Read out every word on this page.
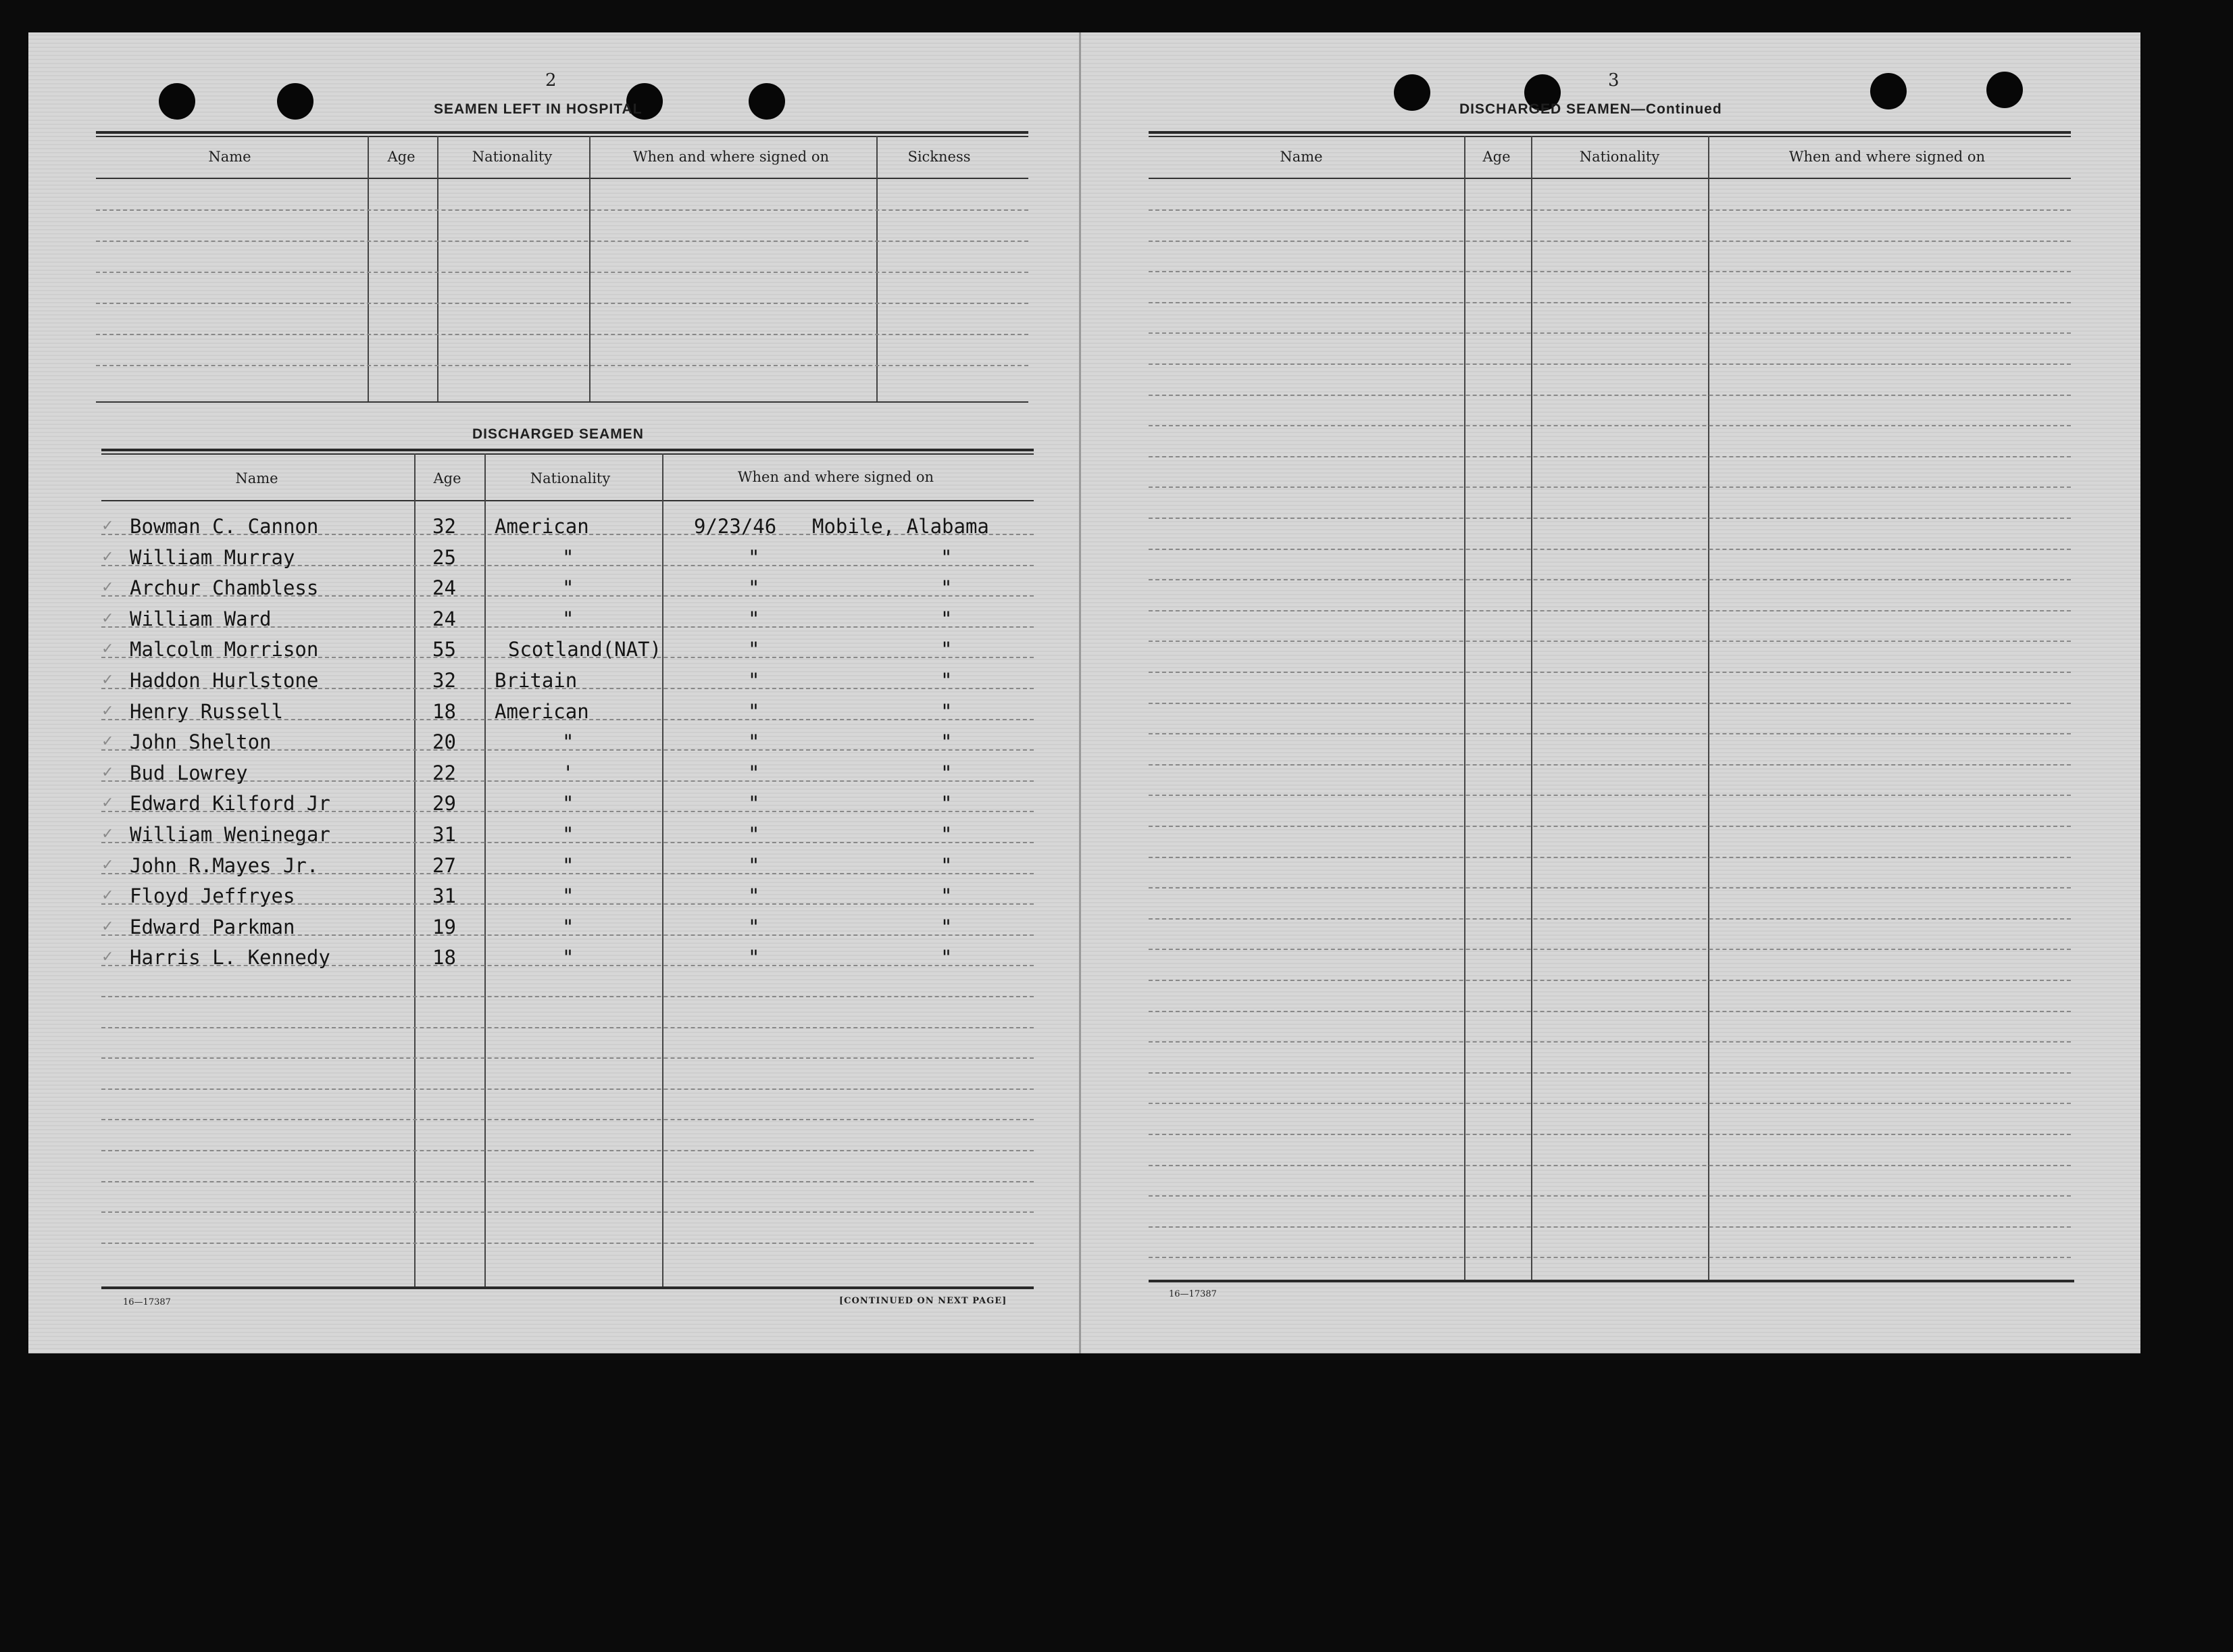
2
SEAMEN LEFT IN HOSPITAL
Name	Age	Nationality	When and where signed on	Sickness
DISCHARGED SEAMEN
Name	Age	Nationality	When and where signed on
✓ Bowman C. Cannon	32 American	9/23/46 Mobile, Alabama
✓ William Murray	25	"	"	"
✓ Archur Chambless	24	"	"	"
✓ William Ward	24	"	"	"
✓ Malcolm Morrison	55	Scotland(NAT)	"	"
✓ Haddon Hurlstone	32 Britain	"	"
✓ Henry Russell	18 American	"	"
✓ John Shelton	20	"	"	"
✓ Bud Lowrey	22	'	"	"
✓ Edward Kilford Jr	29	"	"	"
✓ William Weninegar	31	"	"	"
✓ John R.Mayes Jr.	27	"	"	"
✓ Floyd Jeffryes	31	"	"	"
✓ Edward Parkman	19	"	"	"
✓ Harris L. Kennedy	18	"	"	"
16—17387	[CONTINUED ON NEXT PAGE]
3
DISCHARGED SEAMEN—Continued
Name	Age	Nationality	When and where signed on
16—17387
